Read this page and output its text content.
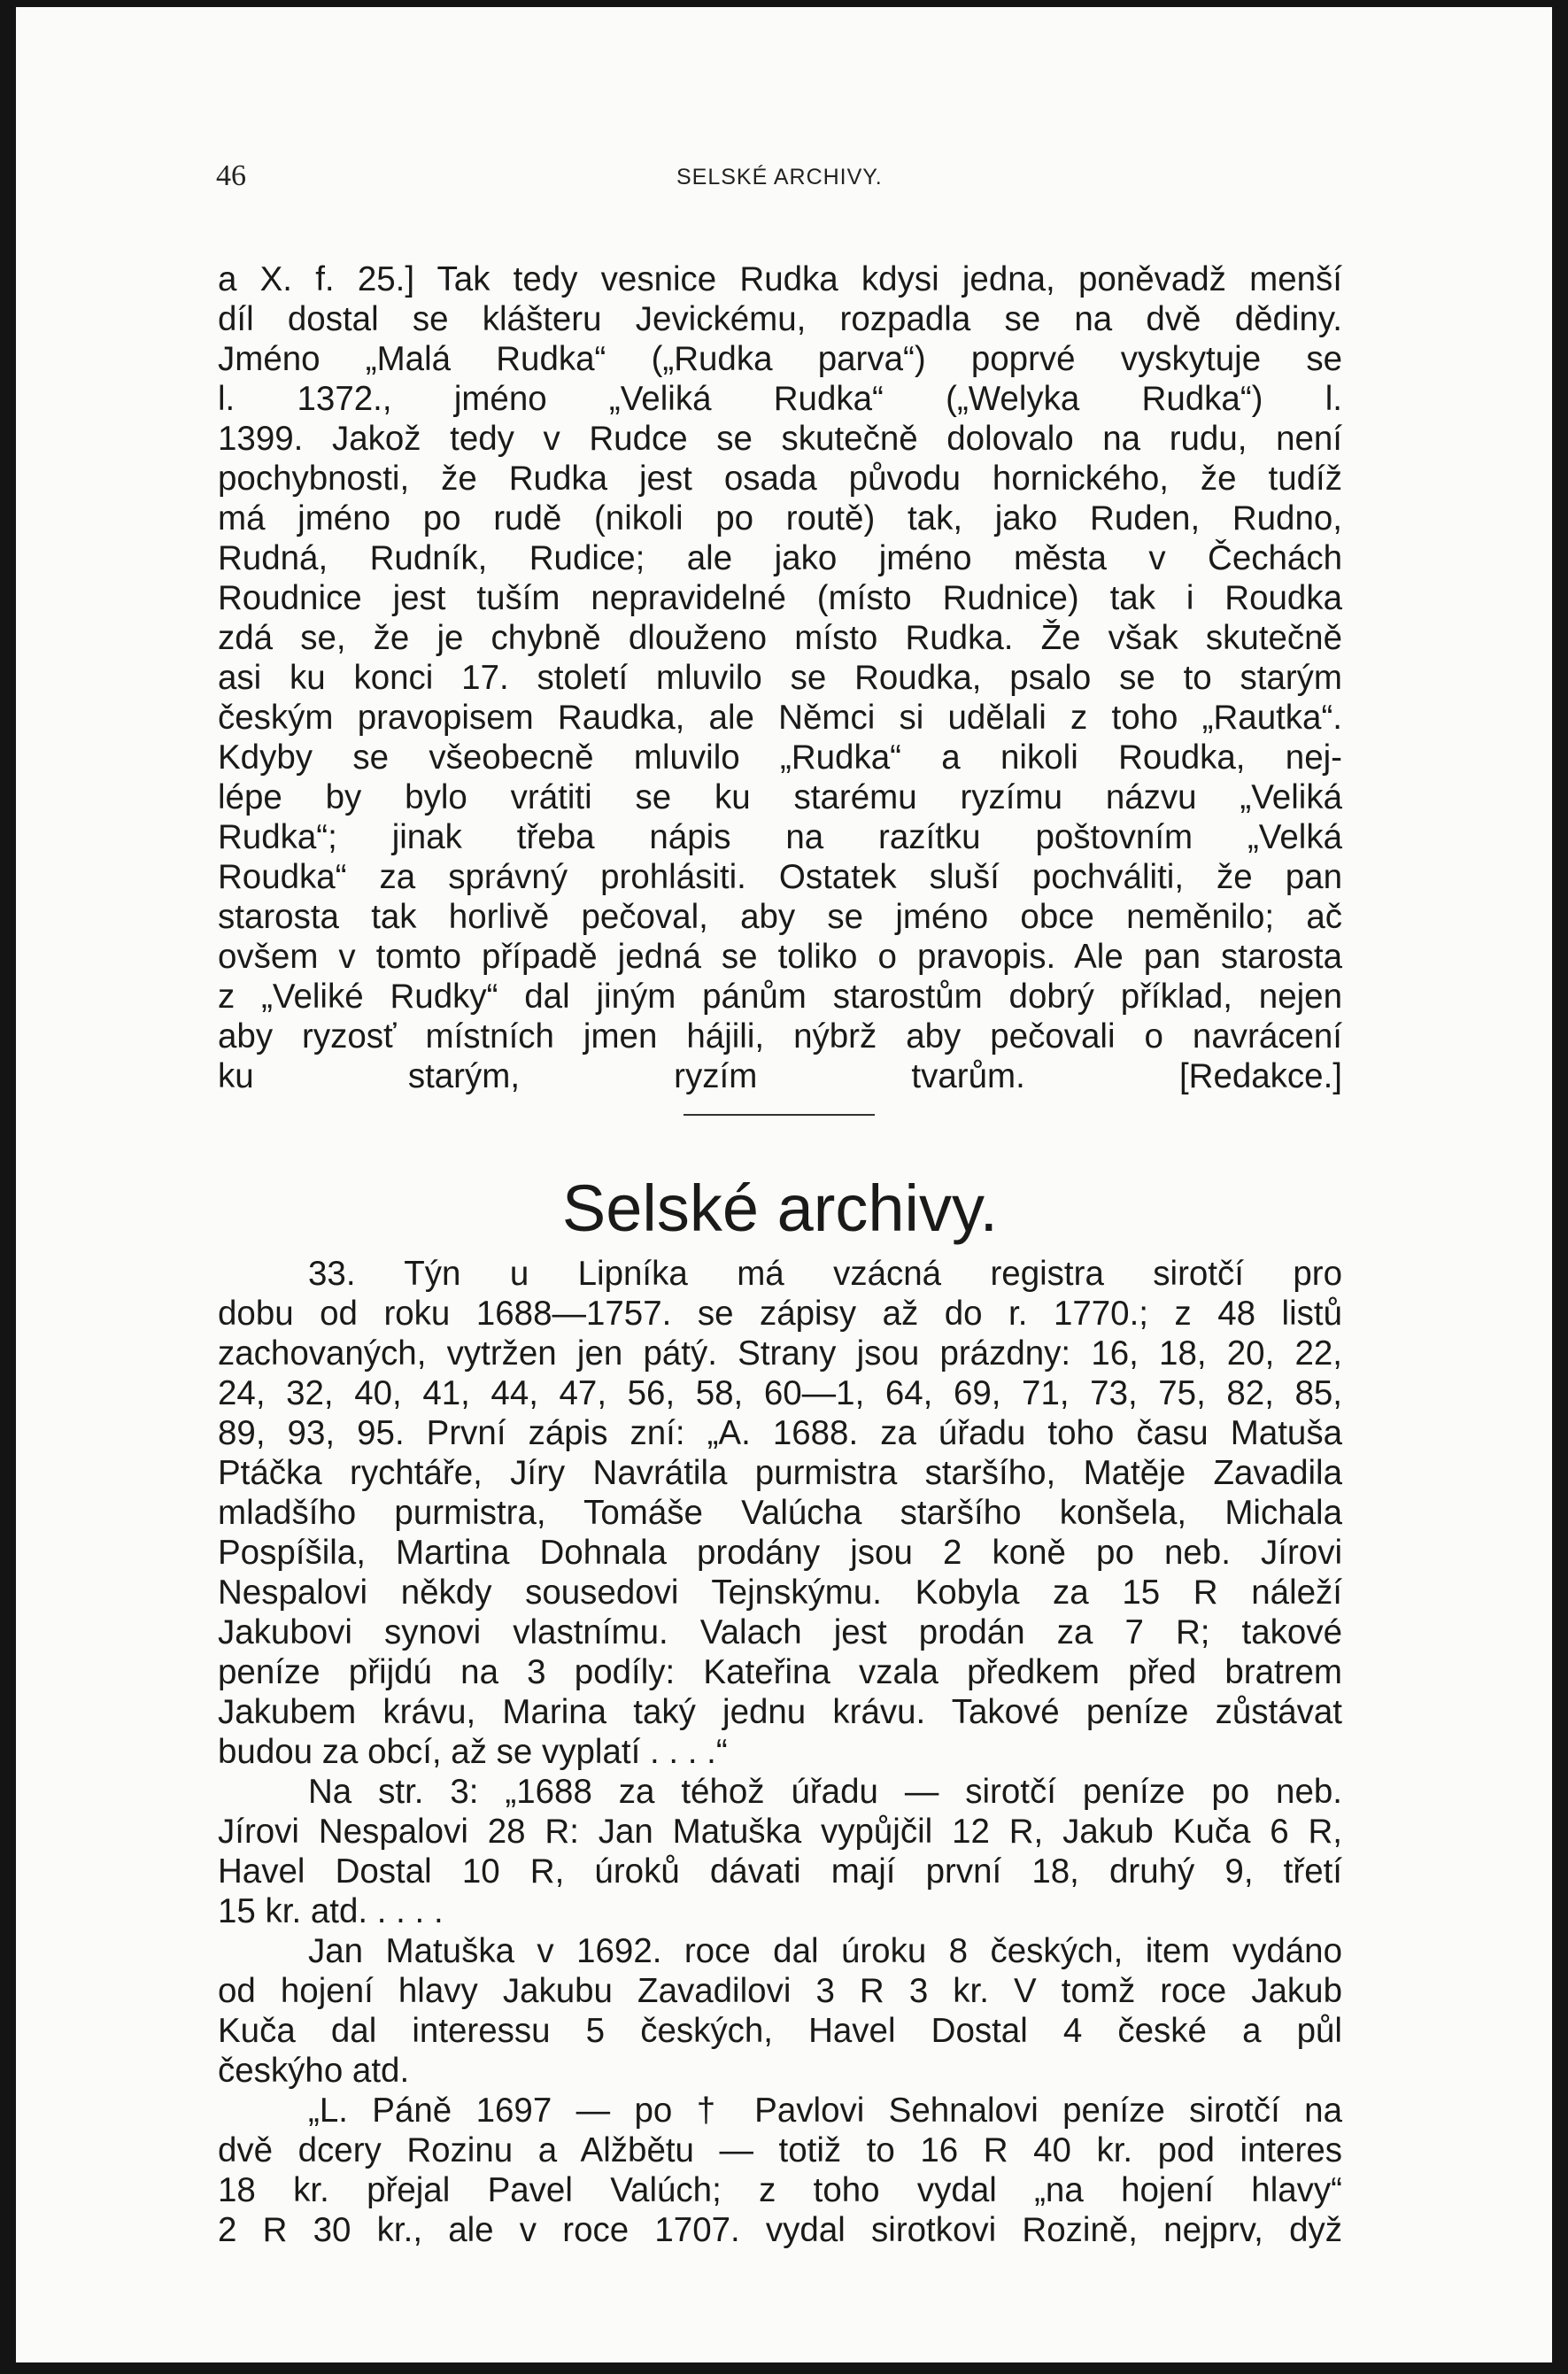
46	SELSKÉ ARCHIVY.
a X. f. 25.] Tak tedy vesnice Rudka kdysi jedna, poněvadž menší
díl dostal se klášteru Jevickému, rozpadla se na dvě dědiny.
Jméno „Malá Rudka“ („Rudka parva“) poprvé vyskytuje se
l. 1372., jméno „Veliká Rudka“ („Welyka Rudka“) l.
1399. Jakož tedy v Rudce se skutečně dolovalo na rudu, není
pochybnosti, že Rudka jest osada původu hornického, že tudíž
má jméno po rudě (nikoli po routě) tak, jako Ruden, Rudno,
Rudná, Rudník, Rudice; ale jako jméno města v Čechách
Roudnice jest tuším nepravidelné (místo Rudnice) tak i Roudka
zdá se, že je chybně dlouženo místo Rudka. Že však skutečně
asi ku konci 17. století mluvilo se Roudka, psalo se to starým
českým pravopisem Raudka, ale Němci si udělali z toho „Rautka“.
Kdyby se všeobecně mluvilo „Rudka“ a nikoli Roudka, nej-
lépe by bylo vrátiti se ku starému ryzímu názvu „Veliká
Rudka“; jinak třeba nápis na razítku poštovním „Velká
Roudka“ za správný prohlásiti. Ostatek sluší pochváliti, že pan
starosta tak horlivě pečoval, aby se jméno obce neměnilo; ač
ovšem v tomto případě jedná se toliko o pravopis. Ale pan starosta
z „Veliké Rudky“ dal jiným pánům starostům dobrý příklad, nejen
aby ryzosť místních jmen hájili, nýbrž aby pečovali o navrácení
ku starým, ryzím tvarům. [Redakce.]
Selské archivy.
33. Týn u Lipníka má vzácná registra sirotčí pro
dobu od roku 1688—1757. se zápisy až do r. 1770.; z 48 listů
zachovaných, vytržen jen pátý. Strany jsou prázdny: 16, 18, 20, 22,
24, 32, 40, 41, 44, 47, 56, 58, 60—1, 64, 69, 71, 73, 75, 82, 85,
89, 93, 95. První zápis zní: „A. 1688. za úřadu toho času Matuša
Ptáčka rychtáře, Jíry Navrátila purmistra staršího, Matěje Zavadila
mladšího purmistra, Tomáše Valúcha staršího konšela, Michala
Pospíšila, Martina Dohnala prodány jsou 2 koně po neb. Jírovi
Nespalovi někdy sousedovi Tejnskýmu. Kobyla za 15 R náleží
Jakubovi synovi vlastnímu. Valach jest prodán za 7 R; takové
peníze přijdú na 3 podíly: Kateřina vzala předkem před bratrem
Jakubem krávu, Marina taký jednu krávu. Takové peníze zůstávat
budou za obcí, až se vyplatí . . . .“
Na str. 3: „1688 za téhož úřadu — sirotčí peníze po neb.
Jírovi Nespalovi 28 R: Jan Matuška vypůjčil 12 R, Jakub Kuča 6 R,
Havel Dostal 10 R, úroků dávati mají první 18, druhý 9, třetí
15 kr. atd. . . . .
Jan Matuška v 1692. roce dal úroku 8 českých, item vydáno
od hojení hlavy Jakubu Zavadilovi 3 R 3 kr. V tomž roce Jakub
Kuča dal interessu 5 českých, Havel Dostal 4 české a půl
českýho atd.
„L. Páně 1697 — po † Pavlovi Sehnalovi peníze sirotčí na
dvě dcery Rozinu a Alžbětu — totiž to 16 R 40 kr. pod interes
18 kr. přejal Pavel Valúch; z toho vydal „na hojení hlavy“
2 R 30 kr., ale v roce 1707. vydal sirotkovi Rozině, nejprv, dyž
